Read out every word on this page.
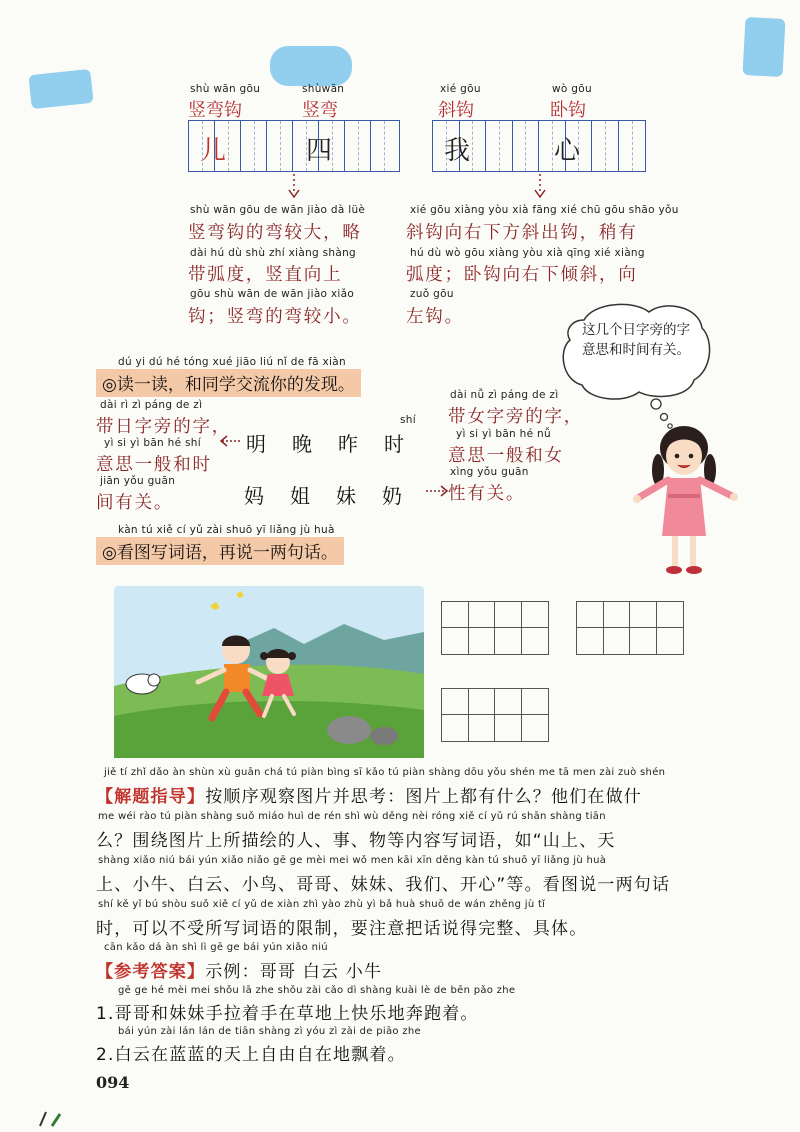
shù wān gōu
竖弯钩
shùwān
竖弯
xié gōu
斜钩
wò gōu
卧钩
儿	四	我	心
shù wān gōu de wān jiào dà lüè
竖弯钩的弯较大，略
dài hú dù shù zhí xiàng shàng
带弧度，竖直向上
gōu shù wān de wān jiào xiǎo
钩；竖弯的弯较小。
xié gōu xiàng yòu xià fāng xié chū gōu shāo yǒu
斜钩向右下方斜出钩，稍有
hú dù wò gōu xiàng yòu xià qīng xié xiàng
弧度；卧钩向右下倾斜，向
zuǒ gōu
左钩。
这几个日字旁的字意思和时间有关。
dú yi dú hé tóng xué jiāo liú nǐ de fā xiàn
◎读一读，和同学交流你的发现。
dài rì zì páng de zì
带日字旁的字，
yì si yì bān hé shí
意思一般和时
jiān yǒu guān
间有关。
shí
明晚昨时
妈姐妹奶
dài nǚ zì páng de zì
带女字旁的字，
yì si yì bān hé nǚ
意思一般和女
xìng yǒu guān
性有关。
kàn tú xiě cí yǔ zài shuō yī liǎng jù huà
◎看图写词语，再说一两句话。
jiě tí zhǐ dǎo àn shùn xù guān chá tú piàn bìng sī kǎo tú piàn shàng dōu yǒu shén me tā men zài zuò shén
【解题指导】按顺序观察图片并思考：图片上都有什么？他们在做什
me wéi rào tú piàn shàng suǒ miáo huì de rén shì wù děng nèi róng xiě cí yǔ rú shān shàng tiān
么？围绕图片上所描绘的人、事、物等内容写词语，如“山上、天
shàng xiǎo niú bái yún xiǎo niǎo gē ge mèi mei wǒ men kāi xīn děng kàn tú shuō yī liǎng jù huà
上、小牛、白云、小鸟、哥哥、妹妹、我们、开心”等。看图说一两句话
shí kě yǐ bú shòu suǒ xiě cí yǔ de xiàn zhì yào zhù yì bǎ huà shuō de wán zhěng jù tǐ
时，可以不受所写词语的限制，要注意把话说得完整、具体。
cān kǎo dá àn shì lì gē ge bái yún xiǎo niú
【参考答案】示例：哥哥 白云 小牛
gē ge hé mèi mei shǒu lā zhe shǒu zài cǎo dì shàng kuài lè de bēn pǎo zhe
1.哥哥和妹妹手拉着手在草地上快乐地奔跑着。
bái yún zài lán lán de tiān shàng zì yóu zì zài de piāo zhe
2.白云在蓝蓝的天上自由自在地飘着。
094
